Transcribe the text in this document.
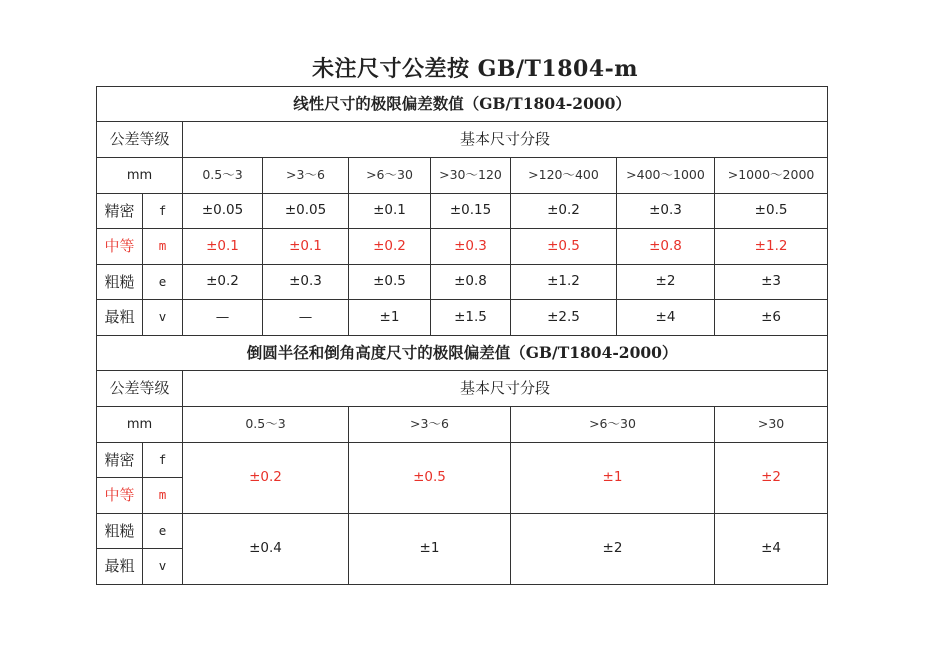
未注尺寸公差按 GB/T1804-m
线性尺寸的极限偏差数值（GB/T1804-2000）								
公差等级		基本尺寸分段						
mm		0.5～3	>3～6	>6～30	>30～120	>120～400	>400～1000	>1000～2000
精密	f	±0.05	±0.05	±0.1	±0.15	±0.2	±0.3	±0.5
中等	m	±0.1	±0.1	±0.2	±0.3	±0.5	±0.8	±1.2
粗糙	e	±0.2	±0.3	±0.5	±0.8	±1.2	±2	±3
最粗	v	—	—	±1	±1.5	±2.5	±4	±6
倒圆半径和倒角高度尺寸的极限偏差值（GB/T1804-2000）								
公差等级		基本尺寸分段						
mm		0.5～3		>3～6		>6～30		>30
精密	f	±0.2		±0.5		±1		±2
中等	m							
粗糙	e	±0.4		±1		±2		±4
最粗	v							
